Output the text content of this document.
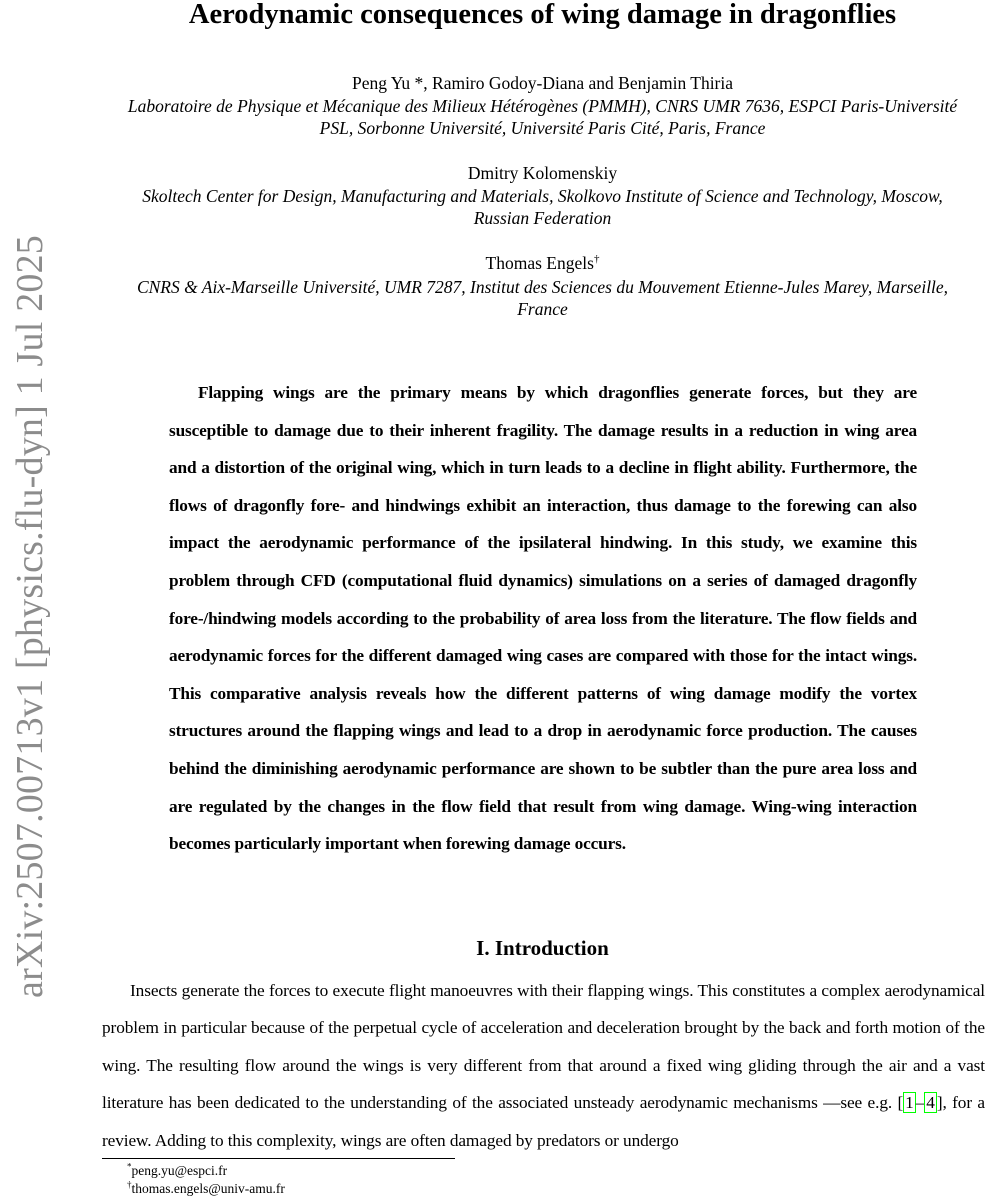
arXiv:2507.00713v1 [physics.flu-dyn] 1 Jul 2025
Aerodynamic consequences of wing damage in dragonflies
Peng Yu *, Ramiro Godoy-Diana and Benjamin Thiria
Laboratoire de Physique et Mécanique des Milieux Hétérogènes (PMMH), CNRS UMR 7636, ESPCI Paris-Université
PSL, Sorbonne Université, Université Paris Cité, Paris, France
Dmitry Kolomenskiy
Skoltech Center for Design, Manufacturing and Materials, Skolkovo Institute of Science and Technology, Moscow,
Russian Federation
Thomas Engels†
CNRS & Aix-Marseille Université, UMR 7287, Institut des Sciences du Mouvement Etienne-Jules Marey, Marseille,
France
Flapping wings are the primary means by which dragonflies generate forces, but they are susceptible to damage due to their inherent fragility. The damage results in a reduction in wing area and a distortion of the original wing, which in turn leads to a decline in flight ability. Furthermore, the flows of dragonfly fore- and hindwings exhibit an interaction, thus damage to the forewing can also impact the aerodynamic performance of the ipsilateral hindwing. In this study, we examine this problem through CFD (computational fluid dynamics) simulations on a series of damaged dragonfly fore-/hindwing models according to the probability of area loss from the literature. The flow fields and aerodynamic forces for the different damaged wing cases are compared with those for the intact wings. This comparative analysis reveals how the different patterns of wing damage modify the vortex structures around the flapping wings and lead to a drop in aerodynamic force production. The causes behind the diminishing aerodynamic performance are shown to be subtler than the pure area loss and are regulated by the changes in the flow field that result from wing damage. Wing-wing interaction becomes particularly important when forewing damage occurs.
I. Introduction
Insects generate the forces to execute flight manoeuvres with their flapping wings. This constitutes a complex aerodynamical problem in particular because of the perpetual cycle of acceleration and deceleration brought by the back and forth motion of the wing. The resulting flow around the wings is very different from that around a fixed wing gliding through the air and a vast literature has been dedicated to the understanding of the associated unsteady aerodynamic mechanisms —see e.g. [ 1 – 4 ], for a review. Adding to this complexity, wings are often damaged by predators or undergo
*peng.yu@espci.fr
†thomas.engels@univ-amu.fr
